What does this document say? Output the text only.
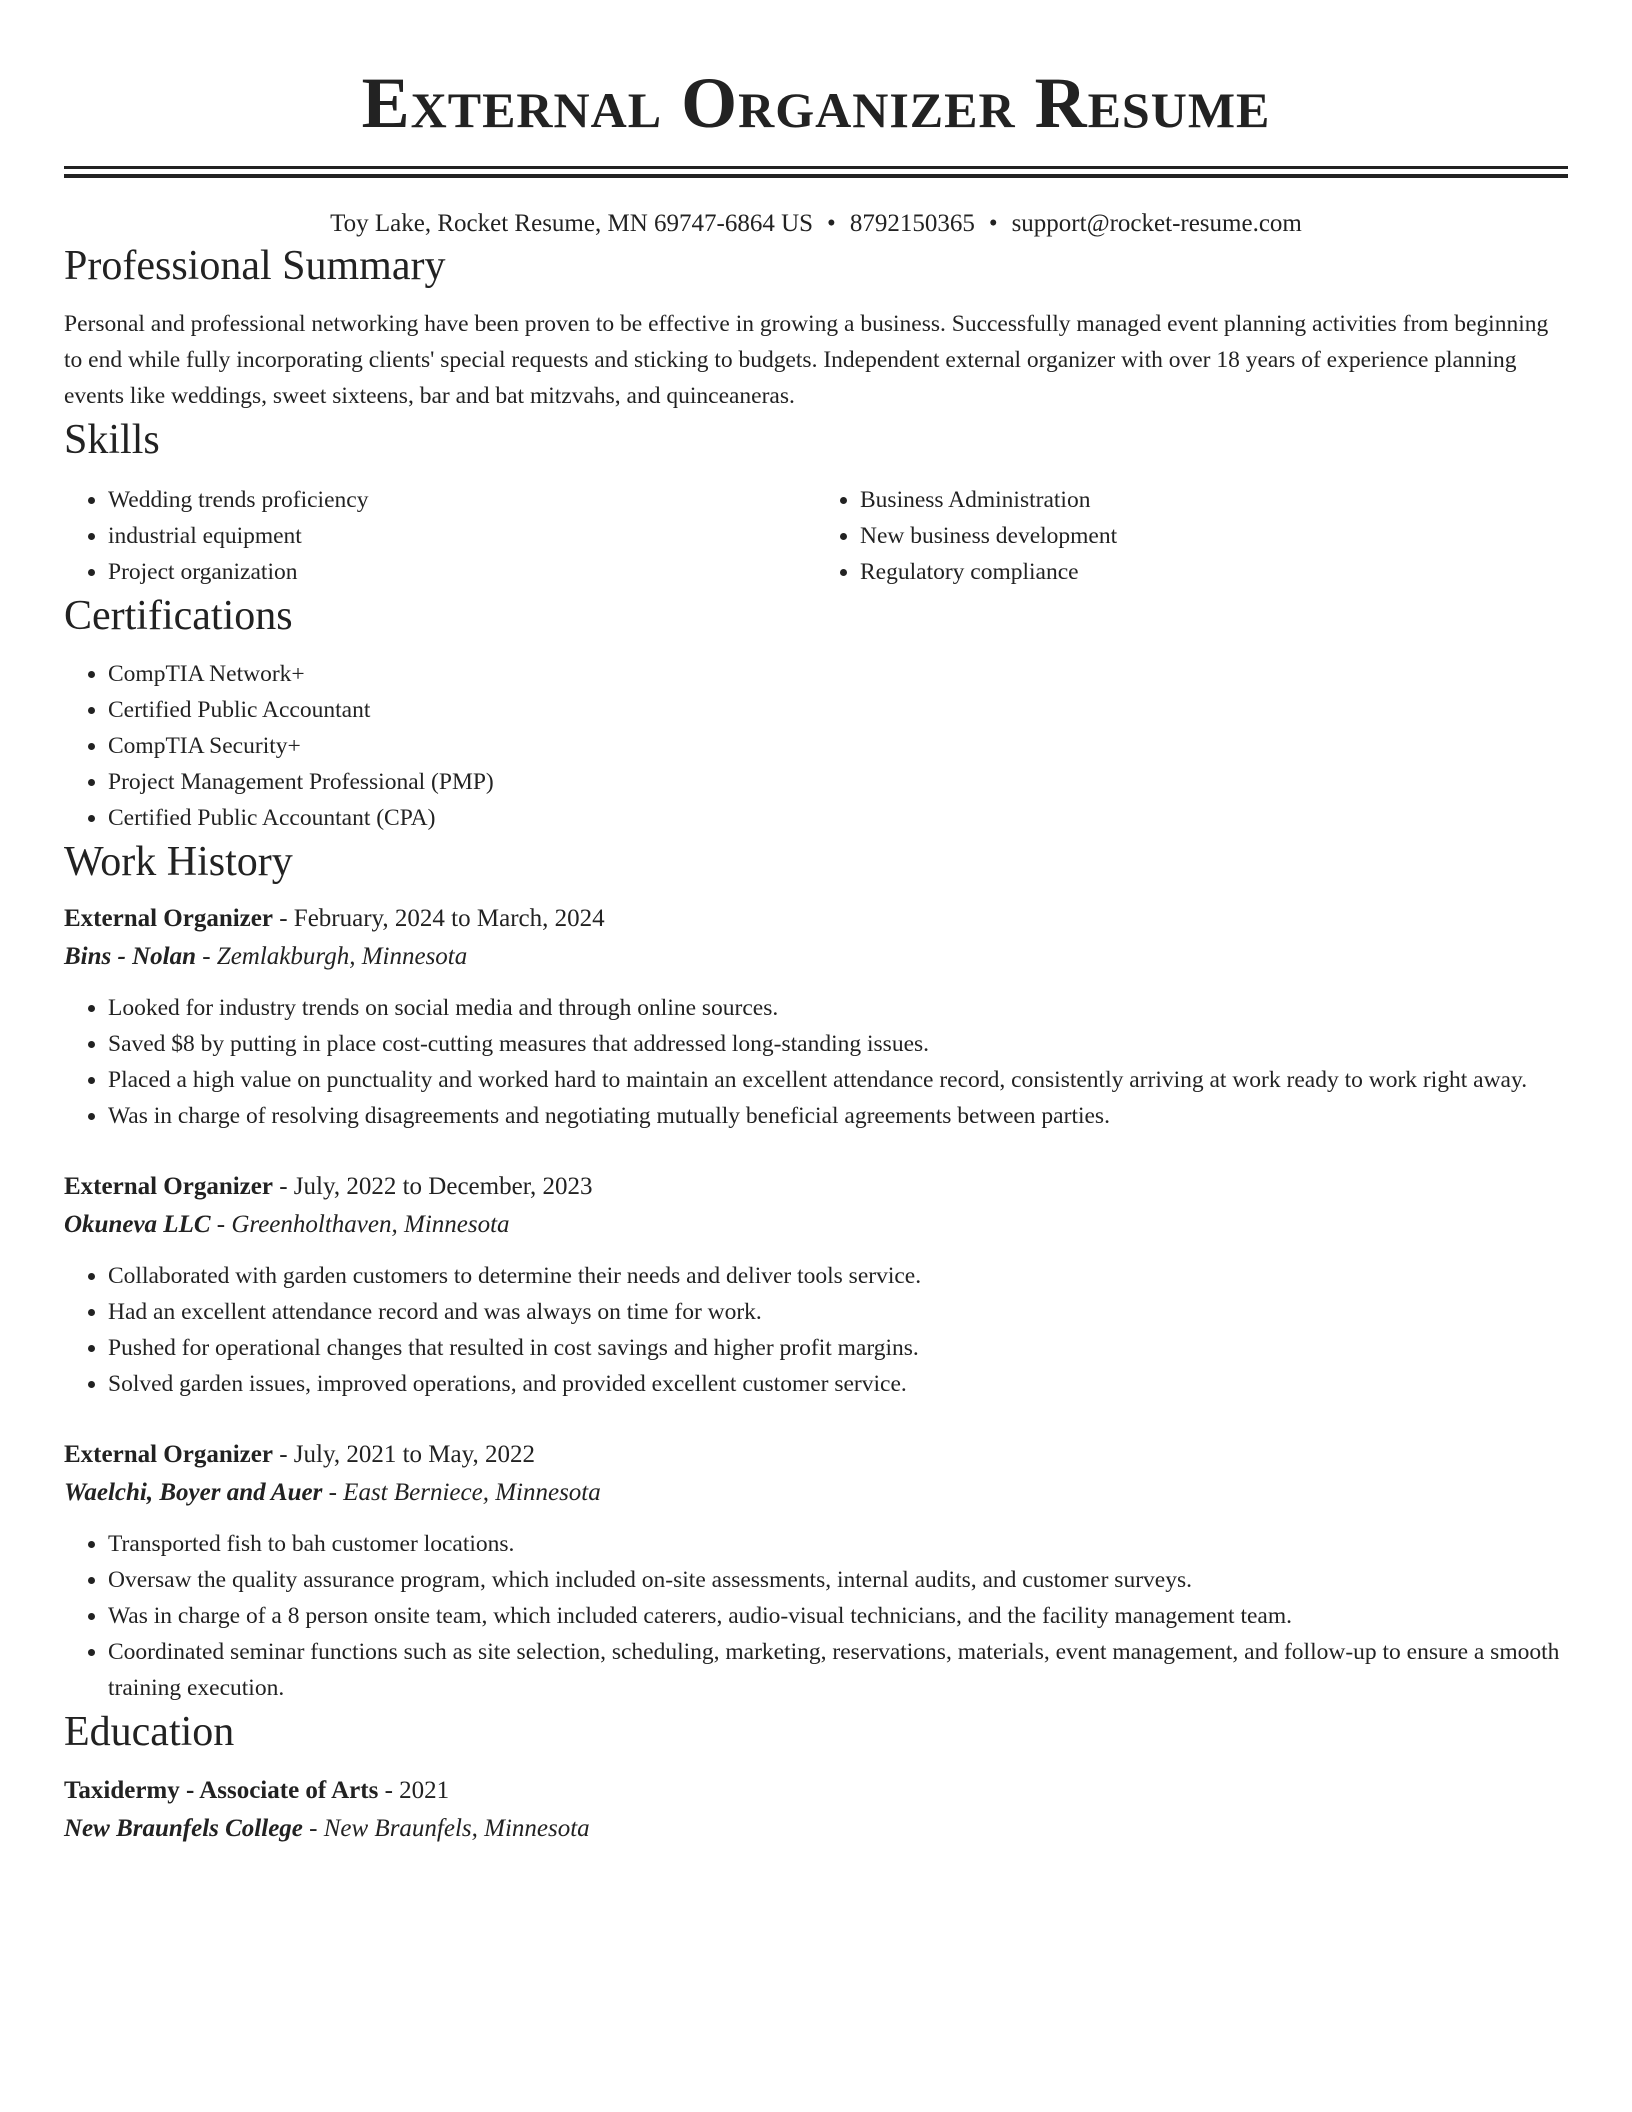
External Organizer Resume
Toy Lake, Rocket Resume, MN 69747-6864 US • 8792150365 • support@rocket-resume.com
Professional Summary

Personal and professional networking have been proven to be effective in growing a business. Successfully managed event planning activities from beginning to end while fully incorporating clients' special requests and sticking to budgets. Independent external organizer with over 18 years of experience planning events like weddings, sweet sixteens, bar and bat mitzvahs, and quinceaneras.

Skills
• Wedding trends proficiency
• industrial equipment
• Project organization
• Business Administration
• New business development
• Regulatory compliance
Certifications
• CompTIA Network+
• Certified Public Accountant
• CompTIA Security+
• Project Management Professional (PMP)
• Certified Public Accountant (CPA)
Work History
External Organizer - February, 2024 to March, 2024
Bins - Nolan - Zemlakburgh, Minnesota
• Looked for industry trends on social media and through online sources.
• Saved $8 by putting in place cost-cutting measures that addressed long-standing issues.
• Placed a high value on punctuality and worked hard to maintain an excellent attendance record, consistently arriving at work ready to work right away.
• Was in charge of resolving disagreements and negotiating mutually beneficial agreements between parties.
External Organizer - July, 2022 to December, 2023
Okuneva LLC - Greenholthaven, Minnesota
• Collaborated with garden customers to determine their needs and deliver tools service.
• Had an excellent attendance record and was always on time for work.
• Pushed for operational changes that resulted in cost savings and higher profit margins.
• Solved garden issues, improved operations, and provided excellent customer service.
External Organizer - July, 2021 to May, 2022
Waelchi, Boyer and Auer - East Berniece, Minnesota
• Transported fish to bah customer locations.
• Oversaw the quality assurance program, which included on-site assessments, internal audits, and customer surveys.
• Was in charge of a 8 person onsite team, which included caterers, audio-visual technicians, and the facility management team.
• Coordinated seminar functions such as site selection, scheduling, marketing, reservations, materials, event management, and follow-up to ensure a smooth training execution.
Education
Taxidermy - Associate of Arts - 2021
New Braunfels College - New Braunfels, Minnesota
